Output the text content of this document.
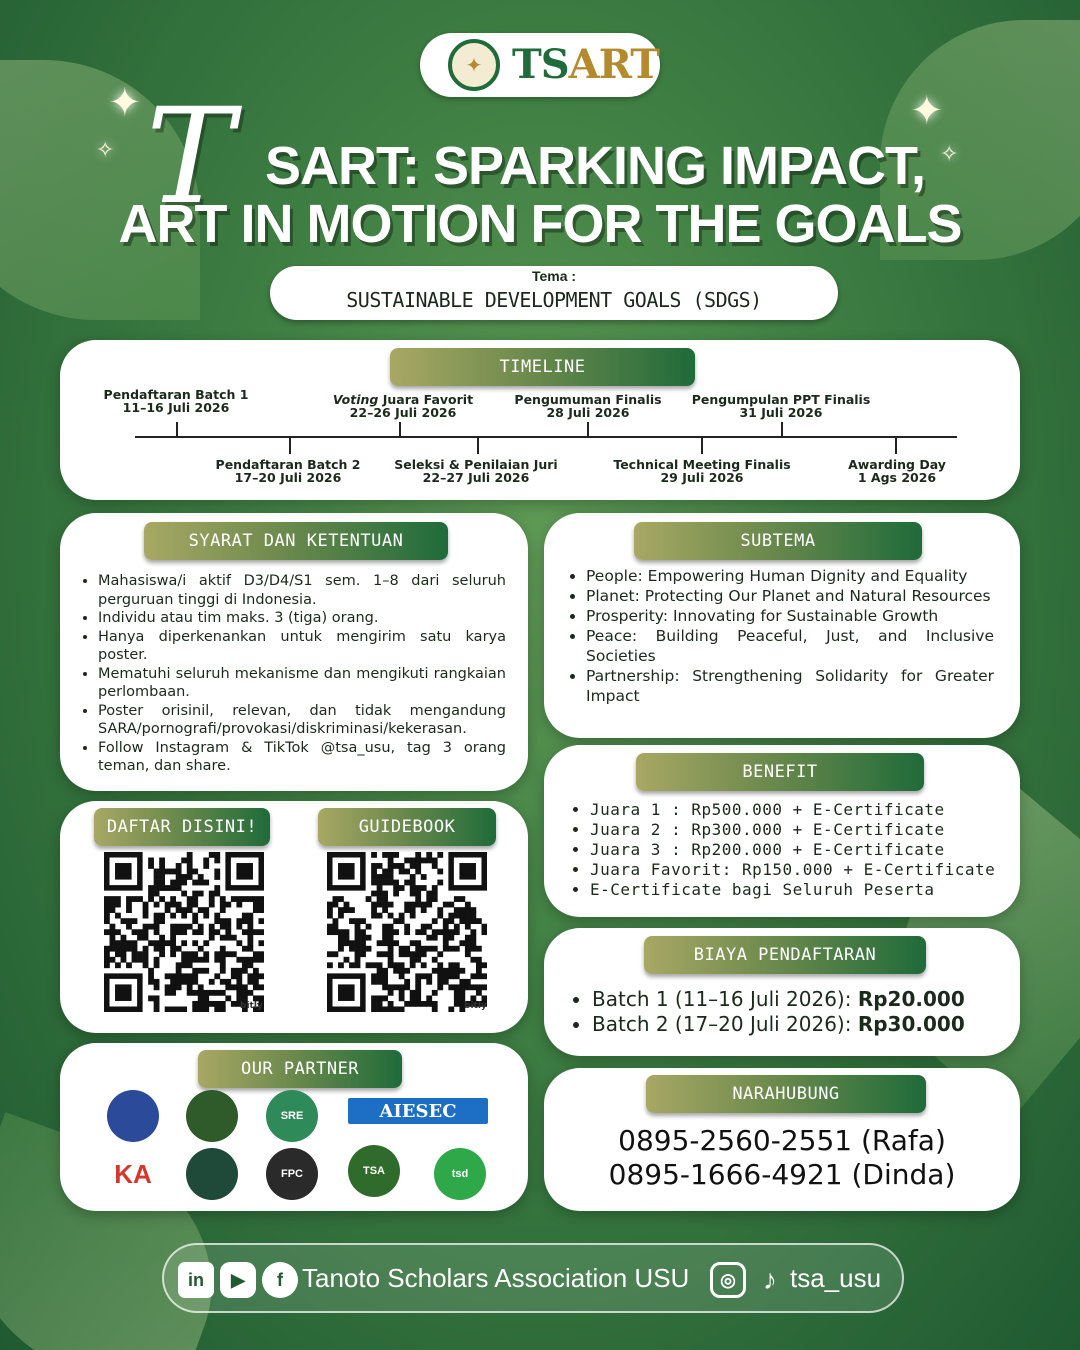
✦ TSART
✦
✧
✦
✧
T SART: SPARKING IMPACT,
ART IN MOTION FOR THE GOALS
Tema :
SUSTAINABLE DEVELOPMENT GOALS (SDGS)
TIMELINE
Pendaftaran Batch 1
11–16 Juli 2026
Voting Juara Favorit
22–26 Juli 2026
Pengumuman Finalis
28 Juli 2026
Pengumpulan PPT Finalis
31 Juli 2026
Pendaftaran Batch 2
17–20 Juli 2026
Seleksi & Penilaian Juri
22–27 Juli 2026
Technical Meeting Finalis
29 Juli 2026
Awarding Day
1 Ags 2026
SYARAT DAN KETENTUAN
• Mahasiswa/i aktif D3/D4/S1 sem. 1–8 dari seluruh perguruan tinggi di Indonesia.
• Individu atau tim maks. 3 (tiga) orang.
• Hanya diperkenankan untuk mengirim satu karya poster.
• Mematuhi seluruh mekanisme dan mengikuti rangkaian perlombaan.
• Poster orisinil, relevan, dan tidak mengandung SARA/pornografi/provokasi/diskriminasi/kekerasan.
• Follow Instagram & TikTok @tsa_usu, tag 3 orang teman, dan share.
SUBTEMA
• People: Empowering Human Dignity and Equality
• Planet: Protecting Our Planet and Natural Resources
• Prosperity: Innovating for Sustainable Growth
• Peace: Building Peaceful, Just, and Inclusive Societies
• Partnership: Strengthening Solidarity for Greater Impact
BENEFIT
• Juara 1 : Rp500.000 + E-Certificate
• Juara 2 : Rp300.000 + E-Certificate
• Juara 3 : Rp200.000 + E-Certificate
• Juara Favorit: Rp150.000 + E-Certificate
• E-Certificate bagi Seluruh Peserta
BIAYA PENDAFTARAN
• Batch 1 (11–16 Juli 2026): Rp20.000
• Batch 2 (17–20 Juli 2026): Rp30.000
DAFTAR DISINI!	GUIDEBOOK
bitly	bitly
OUR PARTNER
SRE	AIESEC
KA	FPC	TSA	tsd
NARAHUBUNG
0895-2560-2551 (Rafa)
0895-1666-4921 (Dinda)
in	▶	f Tanoto Scholars Association USU	◎ ♪ tsa_usu
